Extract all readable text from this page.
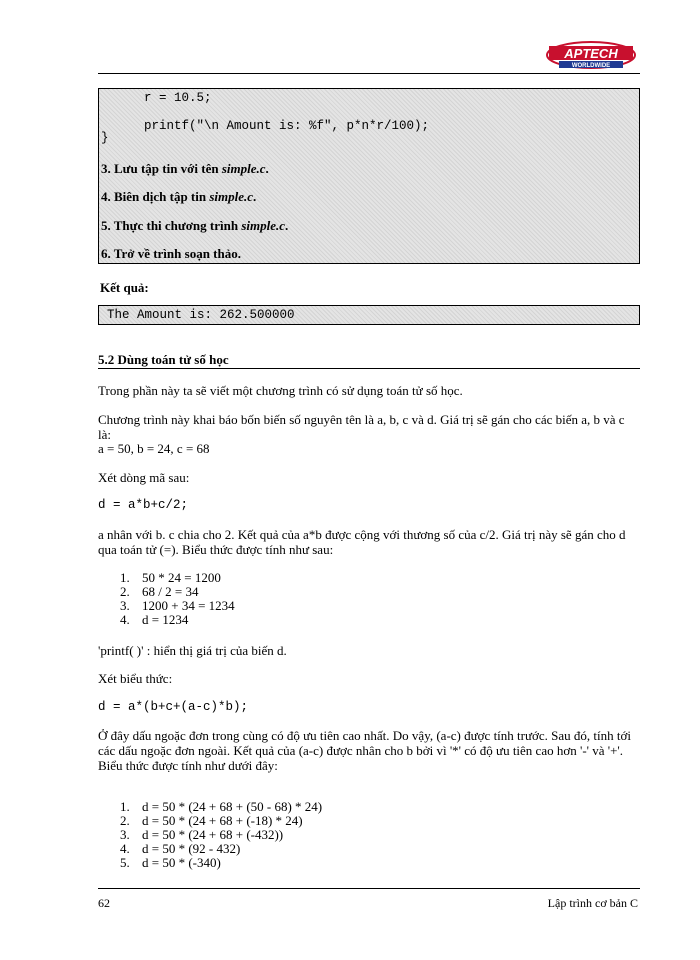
APTECH
WORLDWIDE
r = 10.5;
printf("\n Amount is: %f", p*n*r/100);
}
3. Lưu tập tin với tên simple.c.
4. Biên dịch tập tin simple.c.
5. Thực thi chương trình simple.c.
6. Trở về trình soạn thảo.
Kết quả:
The Amount is: 262.500000
5.2 Dùng toán tử số học
Trong phần này ta sẽ viết một chương trình có sử dụng toán tử số học.
Chương trình này khai báo bốn biến số nguyên tên là a, b, c và d. Giá trị sẽ gán cho các biến a, b và c là:
a = 50, b = 24, c = 68
Xét dòng mã sau:
d = a*b+c/2;
a nhân với b. c chia cho 2. Kết quả của a*b được cộng với thương số của c/2. Giá trị này sẽ gán cho d qua toán tử (=). Biểu thức được tính như sau:
1. 50 * 24 = 1200
2. 68 / 2 = 34
3. 1200 + 34 = 1234
4. d = 1234
'printf( )' : hiển thị giá trị của biến d.
Xét biểu thức:
d = a*(b+c+(a-c)*b);
Ở đây dấu ngoặc đơn trong cùng có độ ưu tiên cao nhất. Do vậy, (a-c) được tính trước. Sau đó, tính tới các dấu ngoặc đơn ngoài. Kết quả của (a-c) được nhân cho b bởi vì '*' có độ ưu tiên cao hơn '-' và '+'. Biểu thức được tính như dưới đây:
1. d = 50 * (24 + 68 + (50 - 68) * 24)
2. d = 50 * (24 + 68 + (-18) * 24)
3. d = 50 * (24 + 68 + (-432))
4. d = 50 * (92 - 432)
5. d = 50 * (-340)
62	Lập trình cơ bản C
